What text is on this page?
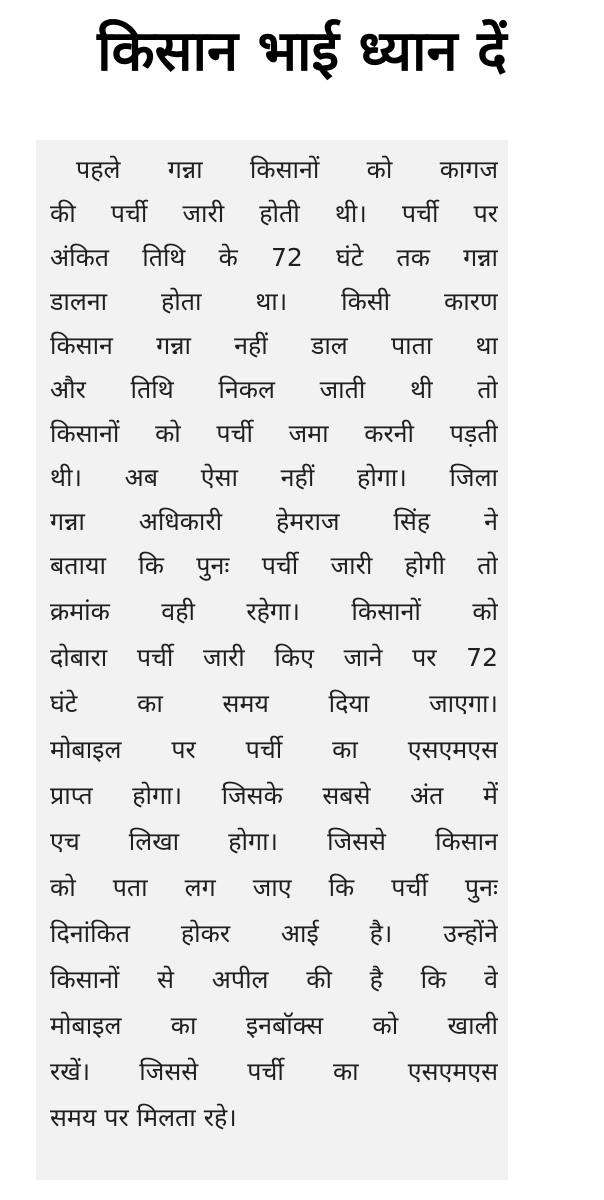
किसान भाई ध्यान दें
पहले गन्ना किसानों को कागज
की पर्ची जारी होती थी। पर्ची पर
अंकित तिथि के 72 घंटे तक गन्ना
डालना होता था। किसी कारण
किसान गन्ना नहीं डाल पाता था
और तिथि निकल जाती थी तो
किसानों को पर्ची जमा करनी पड़ती
थी। अब ऐसा नहीं होगा। जिला
गन्ना अधिकारी हेमराज सिंह ने
बताया कि पुनः पर्ची जारी होगी तो
क्रमांक वही रहेगा। किसानों को
दोबारा पर्ची जारी किए जाने पर 72
घंटे का समय दिया जाएगा।
मोबाइल पर पर्ची का एसएमएस
प्राप्त होगा। जिसके सबसे अंत में
एच लिखा होगा। जिससे किसान
को पता लग जाए कि पर्ची पुनः
दिनांकित होकर आई है। उन्होंने
किसानों से अपील की है कि वे
मोबाइल का इनबॉक्स को खाली
रखें। जिससे पर्ची का एसएमएस
समय पर मिलता रहे।
